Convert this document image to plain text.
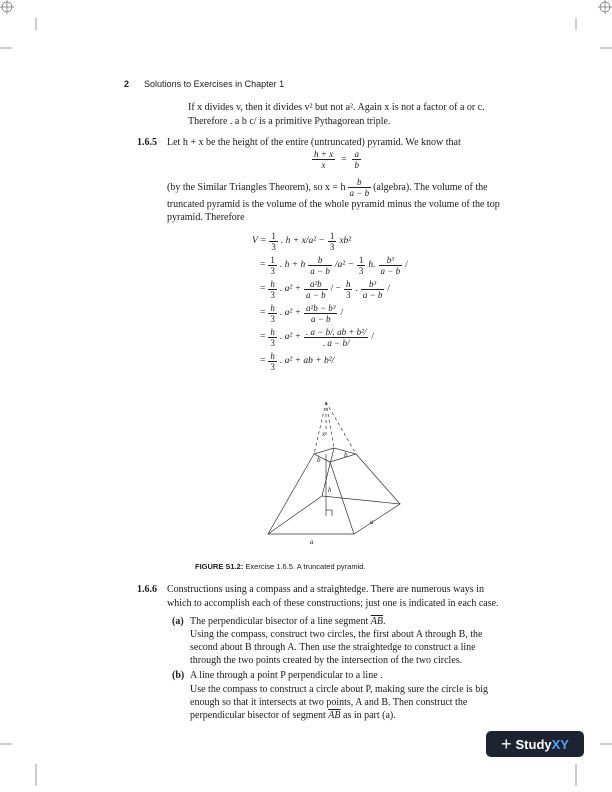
2 Solutions to Exercises in Chapter 1
If x divides v, then it divides v² but not a². Again x is not a factor of a or c.
Therefore . a b c/ is a primitive Pythagorean triple.
1.6.5 Let h + x be the height of the entire (untruncated) pyramid. We know that
$\frac{h + x}{x} = \frac{a}{b}$
(by the Similar Triangles Theorem), so x = h $\frac{b}{a - b}$ (algebra). The volume of the
truncated pyramid is the volume of the whole pyramid minus the volume of the top
pyramid. Therefore
$V = \frac{1}{3}$ . $h + x/a^2 - \frac{1}{3} xb^2$
= $\frac{1}{3}$ . h + h $\frac{b}{a - b} /a^2 - \frac{1}{3} h$. $\frac{\text{b³}}{a - b}$ /
= $\frac{h}{3}$ . $a^2 + \frac{\text{a²b}}{a - b}$ / − $\frac{h}{3}$ . $\frac{\text{b³}}{a - b}$ /
= $\frac{h}{3}$ . $a^2 + \frac{\text{a²b − b³}}{a - b}$ /
= $\frac{h}{3}$ . $a^2 + \frac{\text{. a − b/. ab + b²/}}{. a - b/}$ /
= $\frac{h}{3}$ . a² + ab + b²/
x
b
b
h
a
a
FIGURE S1.2: Exercise 1.6.5. A truncated pyramid.
1.6.6 Constructions using a compass and a straightedge. There are numerous ways in
which to accomplish each of these constructions; just one is indicated in each case.
(a) The perpendicular bisector of a line segment $\overline{AB}$.
Using the compass, construct two circles, the first about A through B, the
second about B through A. Then use the straightedge to construct a line
through the two points created by the intersection of the two circles.
(b) A line through a point P perpendicular to a line .
Use the compass to construct a circle about P, making sure the circle is big
enough so that it intersects at two points, A and B. Then construct the
perpendicular bisector of segment $\overline{AB}$ as in part (a).
+ StudyXY
